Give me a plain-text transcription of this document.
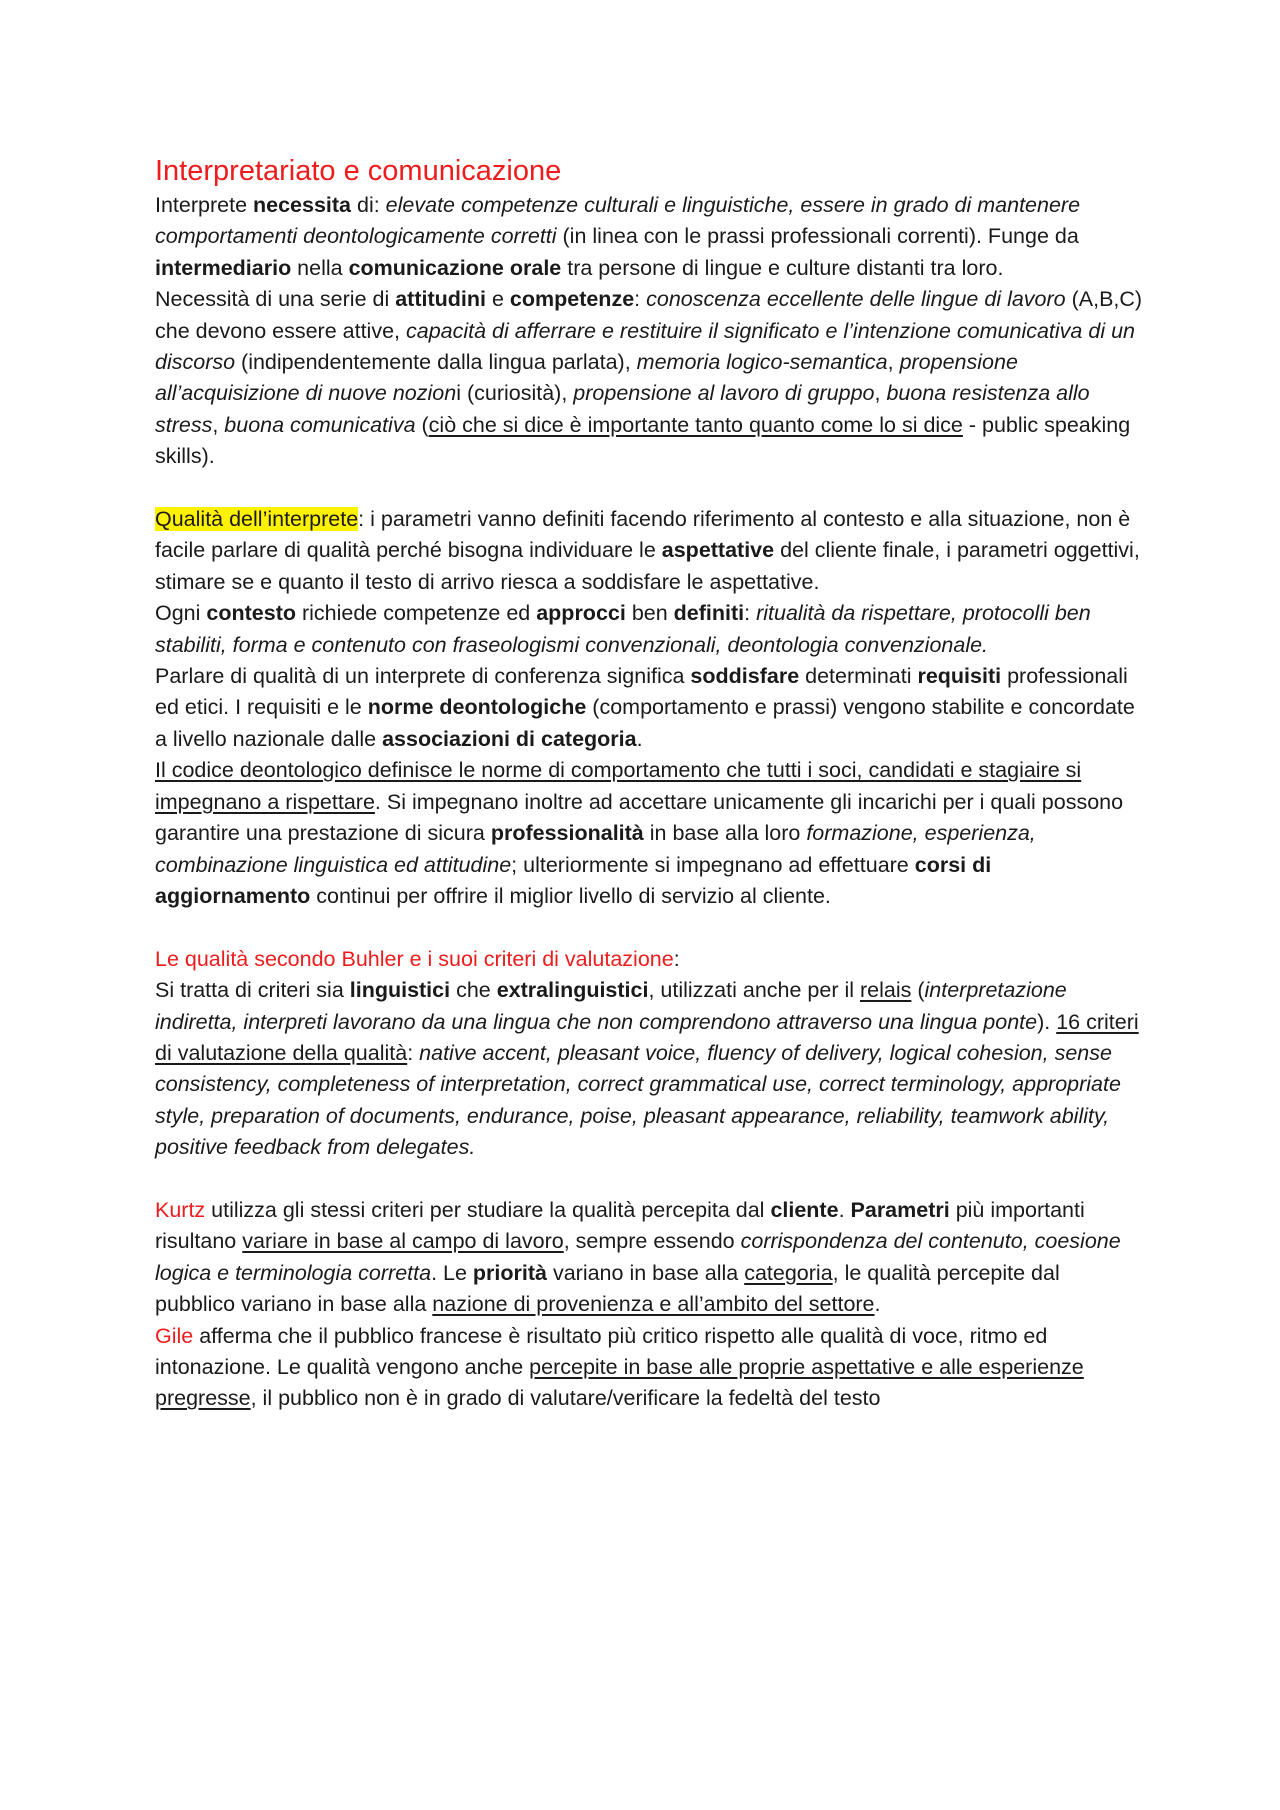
Interpretariato e comunicazione

Interprete necessita di: elevate competenze culturali e linguistiche, essere in grado di mantenere comportamenti deontologicamente corretti (in linea con le prassi professionali correnti). Funge da intermediario nella comunicazione orale tra persone di lingue e culture distanti tra loro.

Necessità di una serie di attitudini e competenze: conoscenza eccellente delle lingue di lavoro (A,B,C) che devono essere attive, capacità di afferrare e restituire il significato e l’intenzione comunicativa di un discorso (indipendentemente dalla lingua parlata), memoria logico-semantica, propensione all’acquisizione di nuove nozioni (curiosità), propensione al lavoro di gruppo, buona resistenza allo stress, buona comunicativa (ciò che si dice è importante tanto quanto come lo si dice - public speaking skills).

Qualità dell’interprete: i parametri vanno definiti facendo riferimento al contesto e alla situazione, non è facile parlare di qualità perché bisogna individuare le aspettative del cliente finale, i parametri oggettivi, stimare se e quanto il testo di arrivo riesca a soddisfare le aspettative.

Ogni contesto richiede competenze ed approcci ben definiti: ritualità da rispettare, protocolli ben stabiliti, forma e contenuto con fraseologismi convenzionali, deontologia convenzionale.

Parlare di qualità di un interprete di conferenza significa soddisfare determinati requisiti professionali ed etici. I requisiti e le norme deontologiche (comportamento e prassi) vengono stabilite e concordate a livello nazionale dalle associazioni di categoria.

Il codice deontologico definisce le norme di comportamento che tutti i soci, candidati e stagiaire si impegnano a rispettare. Si impegnano inoltre ad accettare unicamente gli incarichi per i quali possono garantire una prestazione di sicura professionalità in base alla loro formazione, esperienza, combinazione linguistica ed attitudine; ulteriormente si impegnano ad effettuare corsi di aggiornamento continui per offrire il miglior livello di servizio al cliente.

Le qualità secondo Buhler e i suoi criteri di valutazione:

Si tratta di criteri sia linguistici che extralinguistici, utilizzati anche per il relais (interpretazione indiretta, interpreti lavorano da una lingua che non comprendono attraverso una lingua ponte). 16 criteri di valutazione della qualità: native accent, pleasant voice, fluency of delivery, logical cohesion, sense consistency, completeness of interpretation, correct grammatical use, correct terminology, appropriate style, preparation of documents, endurance, poise, pleasant appearance, reliability, teamwork ability, positive feedback from delegates.

Kurtz utilizza gli stessi criteri per studiare la qualità percepita dal cliente. Parametri più importanti risultano variare in base al campo di lavoro, sempre essendo corrispondenza del contenuto, coesione logica e terminologia corretta. Le priorità variano in base alla categoria, le qualità percepite dal pubblico variano in base alla nazione di provenienza e all’ambito del settore.

Gile afferma che il pubblico francese è risultato più critico rispetto alle qualità di voce, ritmo ed intonazione. Le qualità vengono anche percepite in base alle proprie aspettative e alle esperienze pregresse, il pubblico non è in grado di valutare/verificare la fedeltà del testo
